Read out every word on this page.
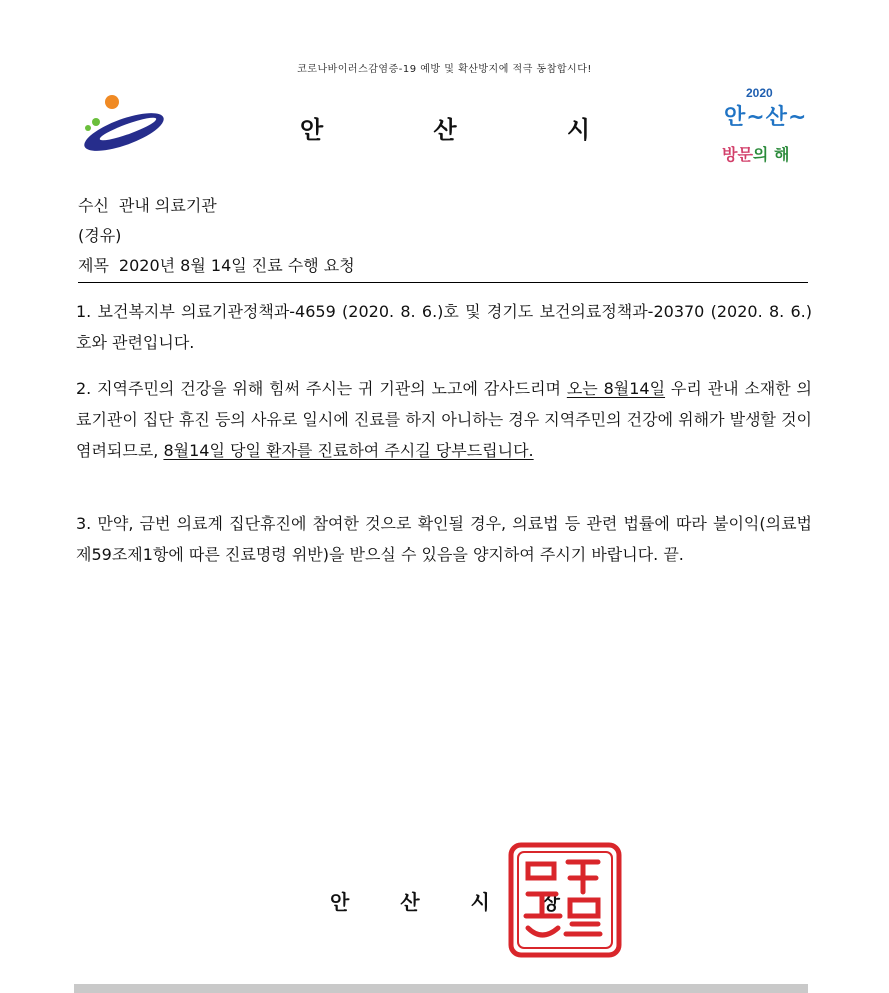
코로나바이러스감염증-19 예방 및 확산방지에 적극 동참합시다!
안	산	시
2020
안~산~
방문의 해
수신 관내 의료기관
(경유)
제목 2020년 8월 14일 진료 수행 요청
1. 보건복지부 의료기관정책과-4659 (2020. 8. 6.)호 및 경기도 보건의료정책과-20370 (2020. 8. 6.)호와 관련입니다.
2. 지역주민의 건강을 위해 힘써 주시는 귀 기관의 노고에 감사드리며 오는 8월14일 우리 관내 소재한 의료기관이 집단 휴진 등의 사유로 일시에 진료를 하지 아니하는 경우 지역주민의 건강에 위해가 발생할 것이 염려되므로, 8월14일 당일 환자를 진료하여 주시길 당부드립니다.
3. 만약, 금번 의료계 집단휴진에 참여한 것으로 확인될 경우, 의료법 등 관련 법률에 따라 불이익(의료법 제59조제1항에 따른 진료명령 위반)을 받으실 수 있음을 양지하여 주시기 바랍니다. 끝.
안	산	시	장
